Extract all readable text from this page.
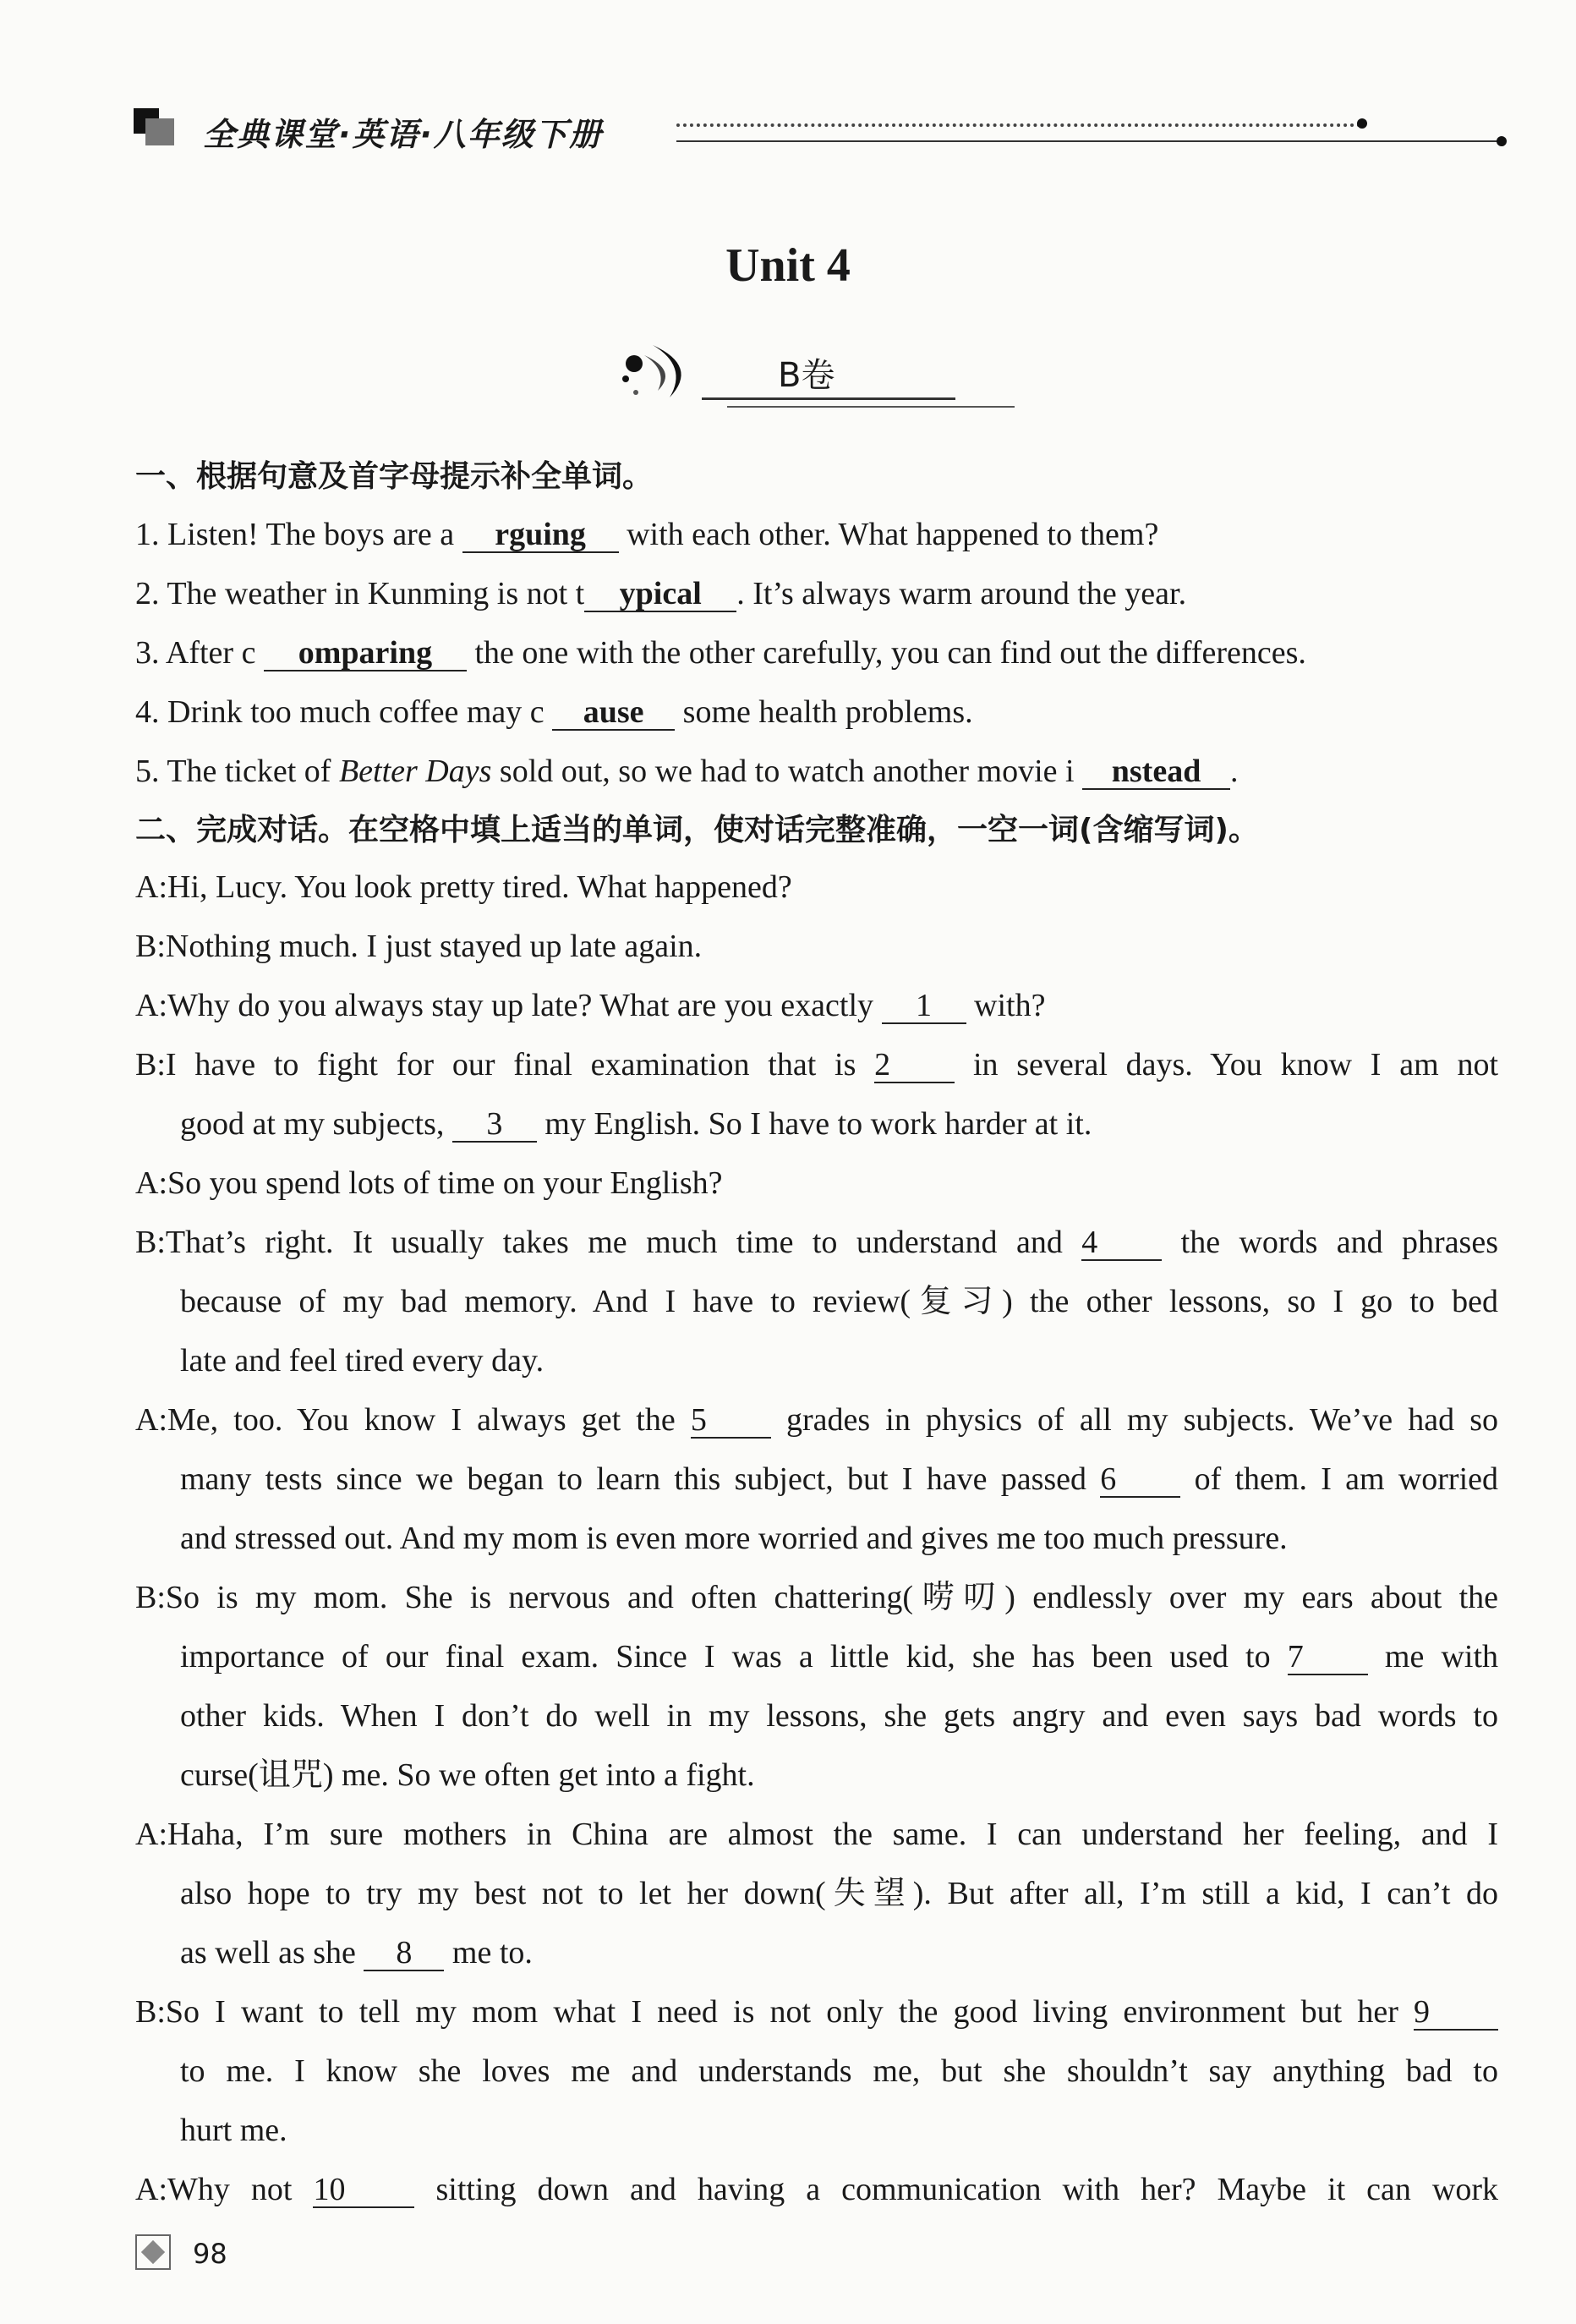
全典课堂·英语·八年级下册
Unit 4
B卷
一、根据句意及首字母提示补全单词。
1. Listen! The boys are a rguing with each other. What happened to them?
2. The weather in Kunming is not t ypical . It’s always warm around the year.
3. After c omparing the one with the other carefully, you can find out the differences.
4. Drink too much coffee may c ause some health problems.
5. The ticket of Better Days sold out, so we had to watch another movie i nstead .
二、完成对话。在空格中填上适当的单词，使对话完整准确，一空一词(含缩写词)。
A:Hi, Lucy. You look pretty tired. What happened?
B:Nothing much. I just stayed up late again.
A:Why do you always stay up late? What are you exactly 1 with?
B:I have to fight for our final examination that is 2	in several days. You know I am not
good at my subjects, 3 my English. So I have to work harder at it.
A:So you spend lots of time on your English?
B:That’s right. It usually takes me much time to understand and 4	the words and phrases
because of my bad memory. And I have to review(复习) the other lessons, so I go to bed
late and feel tired every day.
A:Me, too. You know I always get the 5 grades in physics of all my subjects. We’ve had so
many tests since we began to learn this subject, but I have passed 6 of them. I am worried
and stressed out. And my mom is even more worried and gives me too much pressure.
B:So is my mom. She is nervous and often chattering(唠叨) endlessly over my ears about the
importance of our final exam. Since I was a little kid, she has been used to 7	me with
other kids. When I don’t do well in my lessons, she gets angry and even says bad words to
curse(诅咒) me. So we often get into a fight.
A:Haha, I’m sure mothers in China are almost the same. I can understand her feeling, and I
also hope to try my best not to let her down(失望). But after all, I’m still a kid, I can’t do
as well as she 8 me to.
B:So I want to tell my mom what I need is not only the good living environment but her 9
to me. I know she loves me and understands me, but she shouldn’t say anything bad to
hurt me.
A:Why not 10	sitting down and having a communication with her? Maybe it can work
98
